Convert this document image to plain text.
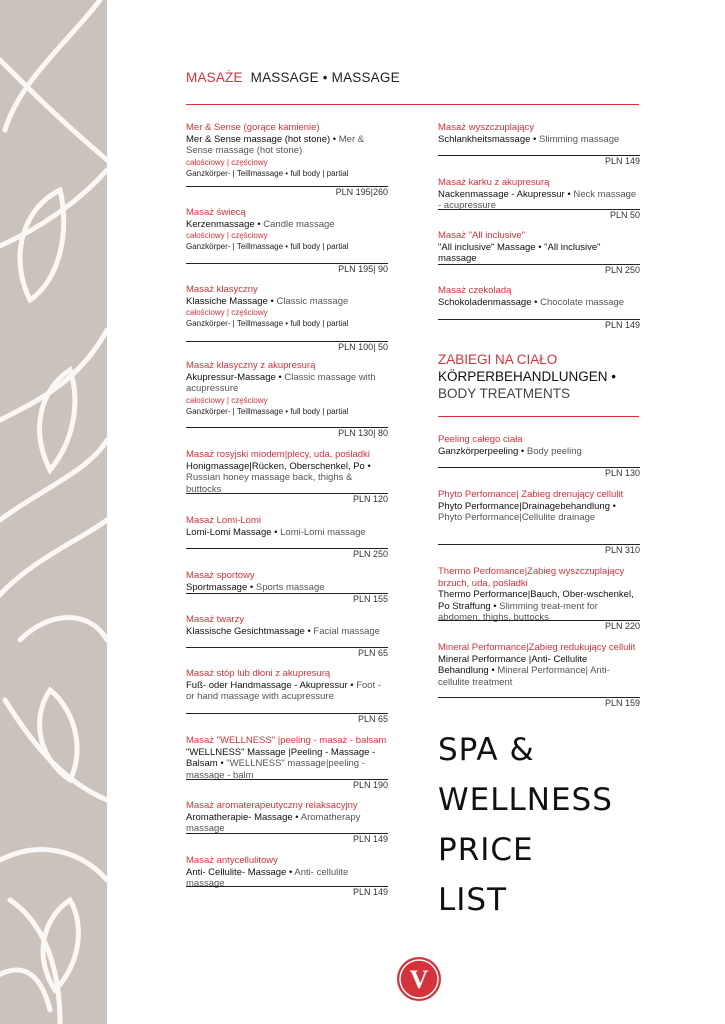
MASAŻE MASSAGE • MASSAGE
Mer & Sense (gorące kamienie)
Mer & Sense massage (hot stone) • Mer & Sense massage (hot stone)
całościowy | częściowy
Ganzkörper- | Teillmassage • full body | partial
PLN 195|260
Masaż świecą
Kerzenmassage • Candle massage
całościowy | częściowy
Ganzkörper- | Teillmassage • full body | partial
PLN 195| 90
Masaż klasyczny
Klassiche Massage • Classic massage
całościowy | częściowy
Ganzkörper- | Teillmassage • full body | partial
PLN 100| 50
Masaż klasyczny z akupresurą
Akupressur-Massage • Classic massage with acupressure
całościowy | częściowy
Ganzkörper- | Teillmassage • full body | partial
PLN 130| 80
Masaż rosyjski miodem|plecy, uda, pośladki
Honigmassage|Rücken, Oberschenkel, Po • Russian honey massage back, thighs & buttocks
PLN 120
Masaż Lomi-Lomi
Lomi-Lomi Massage • Lomi-Lomi massage
PLN 250
Masaż sportowy
Sportmassage • Sports massage
PLN 155
Masaż twarzy
Klassische Gesichtmassage • Facial massage
PLN 65
Masaż stóp lub dłoni z akupresurą
Fuß- oder Handmassage - Akupressur • Foot - or hand massage with acupressure
PLN 65
Masaż "WELLNESS" |peeling - masaż - balsam
"WELLNESS" Massage |Peeling - Massage - Balsam • "WELLNESS" massage|peeling - massage - balm
PLN 190
Masaż aromaterapeutyczny relaksacyjny
Aromatherapie- Massage • Aromatherapy massage
PLN 149
Masaż antycellulitowy
Anti- Cellulite- Massage • Anti- cellulite massage
PLN 149
Masaż wyszczuplający
Schlankheitsmassage • Slimming massage
PLN 149
Masaż karku z akupresurą
Nackenmassage - Akupressur • Neck massage - acupressure
PLN 50
Masaż "All inclusive"
"All inclusive" Massage • "All inclusive" massage
PLN 250
Masaż czekoladą
Schokoladenmassage • Chocolate massage
PLN 149
ZABIEGI NA CIAŁO
KÖRPERBEHANDLUNGEN •
BODY TREATMENTS
Peeling całego ciała
Ganzkörperpeeling • Body peeling
PLN 130
Phyto Perfomance| Zabieg drenujący cellulit
Phyto Performance|Drainagebehandlung • Phyto Performance|Cellulite drainage
PLN 310
Thermo Perfomance|Zabieg wyszczuplający brzuch, uda, pośladki
Thermo Performance|Bauch, Ober-wschenkel, Po Straffung • Slimming treat-ment for abdomen, thighs, buttocks
PLN 220
Mineral Performance|Zabieg redukujący cellulit
Mineral Performance |Anti- Cellulite Behandlung • Mineral Performance| Anti- cellulite treatment
PLN 159
SPA &
WELLNESS
PRICE
LIST
V
